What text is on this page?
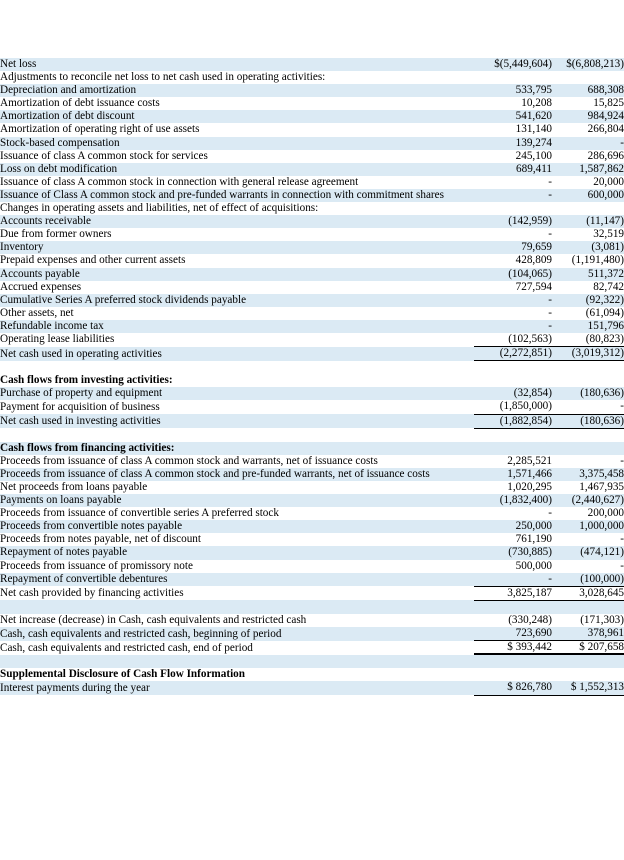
Net loss	$(5,449,604)	$(6,808,213)
Adjustments to reconcile net loss to net cash used in operating activities:		
Depreciation and amortization	533,795	688,308
Amortization of debt issuance costs	10,208	15,825
Amortization of debt discount	541,620	984,924
Amortization of operating right of use assets	131,140	266,804
Stock-based compensation	139,274	-
Issuance of class A common stock for services	245,100	286,696
Loss on debt modification	689,411	1,587,862
Issuance of class A common stock in connection with general release agreement	-	20,000
Issuance of Class A common stock and pre-funded warrants in connection with commitment shares	-	600,000
Changes in operating assets and liabilities, net of effect of acquisitions:		
Accounts receivable	(142,959)	(11,147)
Due from former owners	-	32,519
Inventory	79,659	(3,081)
Prepaid expenses and other current assets	428,809	(1,191,480)
Accounts payable	(104,065)	511,372
Accrued expenses	727,594	82,742
Cumulative Series A preferred stock dividends payable	-	(92,322)
Other assets, net	-	(61,094)
Refundable income tax	-	151,796
Operating lease liabilities	(102,563)	(80,823)
Net cash used in operating activities	(2,272,851)	(3,019,312)

Cash flows from investing activities:		
Purchase of property and equipment	(32,854)	(180,636)
Payment for acquisition of business	(1,850,000)	-
Net cash used in investing activities	(1,882,854)	(180,636)

Cash flows from financing activities:		
Proceeds from issuance of class A common stock and warrants, net of issuance costs	2,285,521	-
Proceeds from issuance of class A common stock and pre-funded warrants, net of issuance costs	1,571,466	3,375,458
Net proceeds from loans payable	1,020,295	1,467,935
Payments on loans payable	(1,832,400)	(2,440,627)
Proceeds from issuance of convertible series A preferred stock	-	200,000
Proceeds from convertible notes payable	250,000	1,000,000
Proceeds from notes payable, net of discount	761,190	-
Repayment of notes payable	(730,885)	(474,121)
Proceeds from issuance of promissory note	500,000	-
Repayment of convertible debentures	-	(100,000)
Net cash provided by financing activities	3,825,187	3,028,645

Net increase (decrease) in Cash, cash equivalents and restricted cash	(330,248)	(171,303)
Cash, cash equivalents and restricted cash, beginning of period	723,690	378,961
Cash, cash equivalents and restricted cash, end of period	$ 393,442	$ 207,658

Supplemental Disclosure of Cash Flow Information		
Interest payments during the year	$ 826,780	$ 1,552,313
